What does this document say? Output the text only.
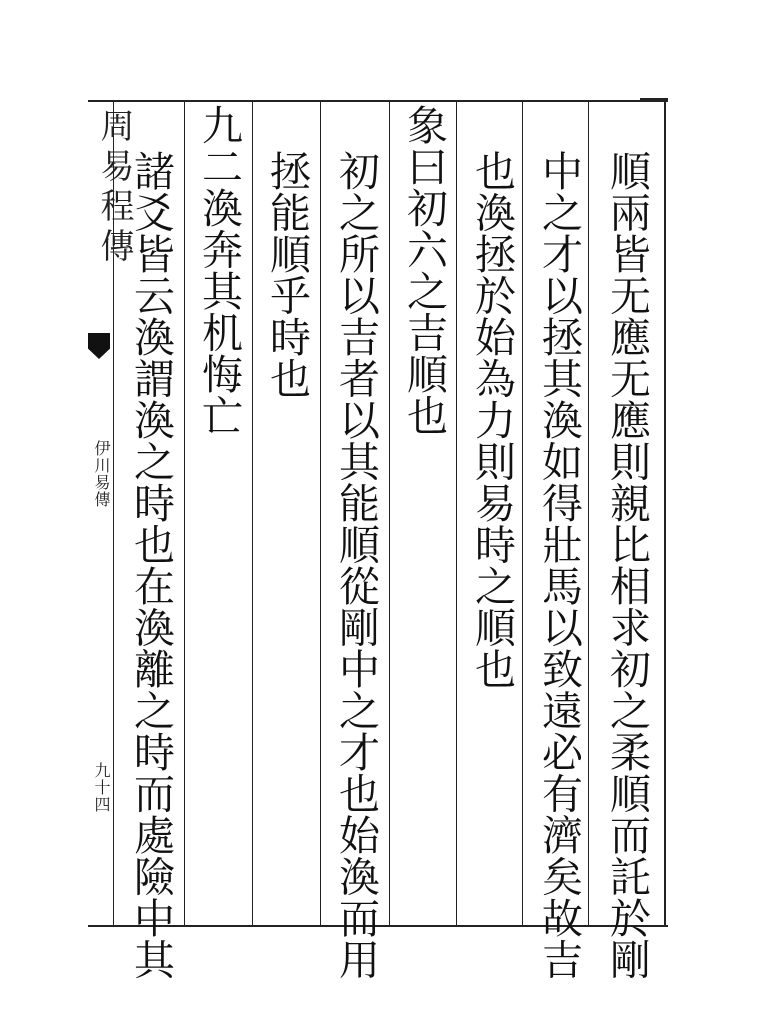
周易程傳
伊川易傳
九十四	順兩皆无應无應則親比相求初之柔順而託於剛
中之才以拯其渙如得壯馬以致遠必有濟矣故吉
也渙拯於始為力則易時之順也
象曰初六之吉順也
初之所以吉者以其能順從剛中之才也始渙而用
拯能順乎時也
九二渙奔其机悔亡
諸爻皆云渙謂渙之時也在渙離之時而處險中其
